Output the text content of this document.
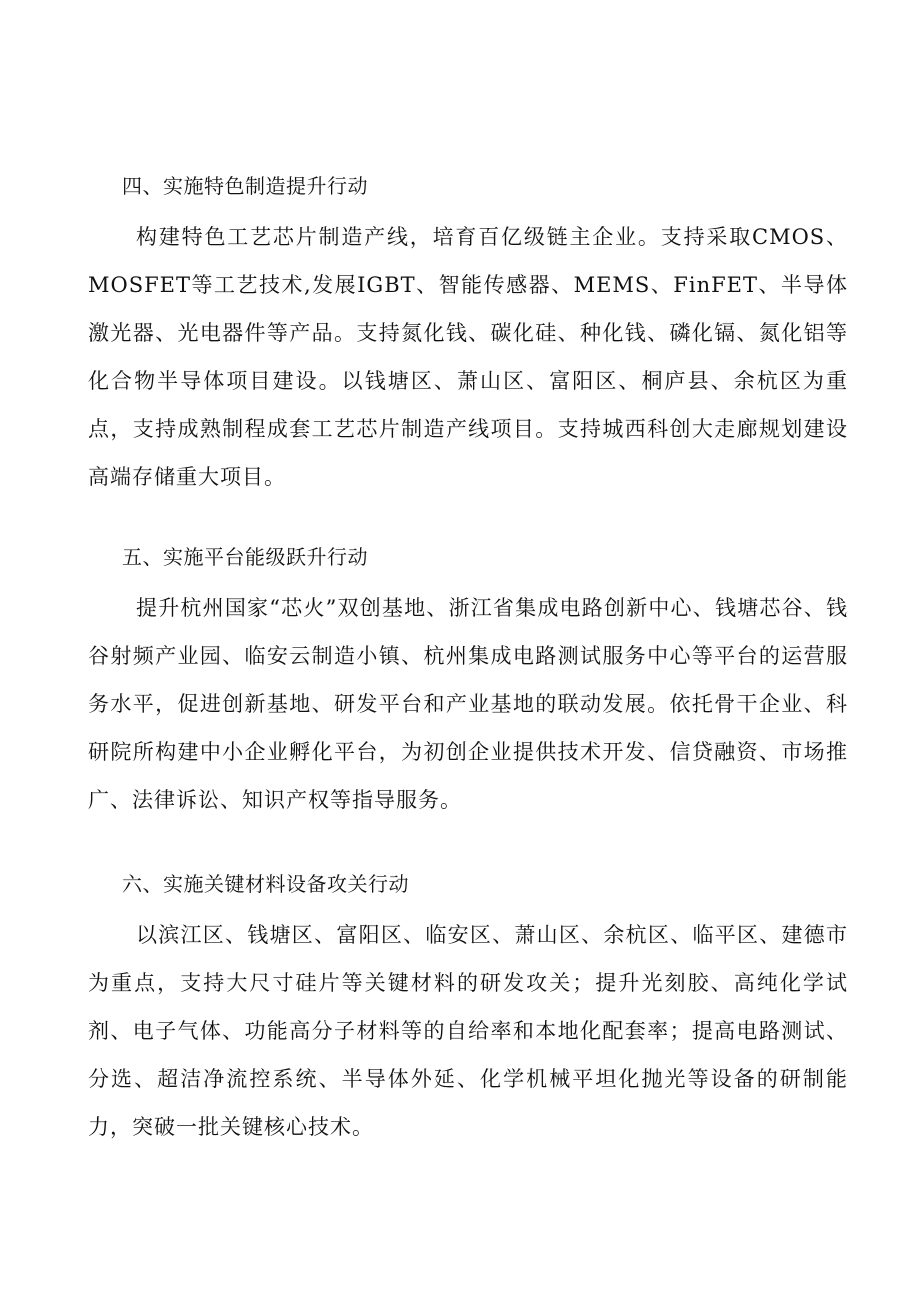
四、实施特色制造提升行动
构建特色工艺芯片制造产线，培育百亿级链主企业。支持采取CMOS、MOSFET等工艺技术,发展IGBT、智能传感器、MEMS、FinFET、半导体激光器、光电器件等产品。支持氮化钱、碳化硅、种化钱、磷化镉、氮化铝等化合物半导体项目建设。以钱塘区、萧山区、富阳区、桐庐县、余杭区为重点，支持成熟制程成套工艺芯片制造产线项目。支持城西科创大走廊规划建设高端存储重大项目。
五、实施平台能级跃升行动
提升杭州国家“芯火”双创基地、浙江省集成电路创新中心、钱塘芯谷、钱谷射频产业园、临安云制造小镇、杭州集成电路测试服务中心等平台的运营服务水平，促进创新基地、研发平台和产业基地的联动发展。依托骨干企业、科研院所构建中小企业孵化平台，为初创企业提供技术开发、信贷融资、市场推广、法律诉讼、知识产权等指导服务。
六、实施关键材料设备攻关行动
以滨江区、钱塘区、富阳区、临安区、萧山区、余杭区、临平区、建德市为重点，支持大尺寸硅片等关键材料的研发攻关；提升光刻胶、高纯化学试剂、电子气体、功能高分子材料等的自给率和本地化配套率；提高电路测试、分选、超洁净流控系统、半导体外延、化学机械平坦化抛光等设备的研制能力，突破一批关键核心技术。
